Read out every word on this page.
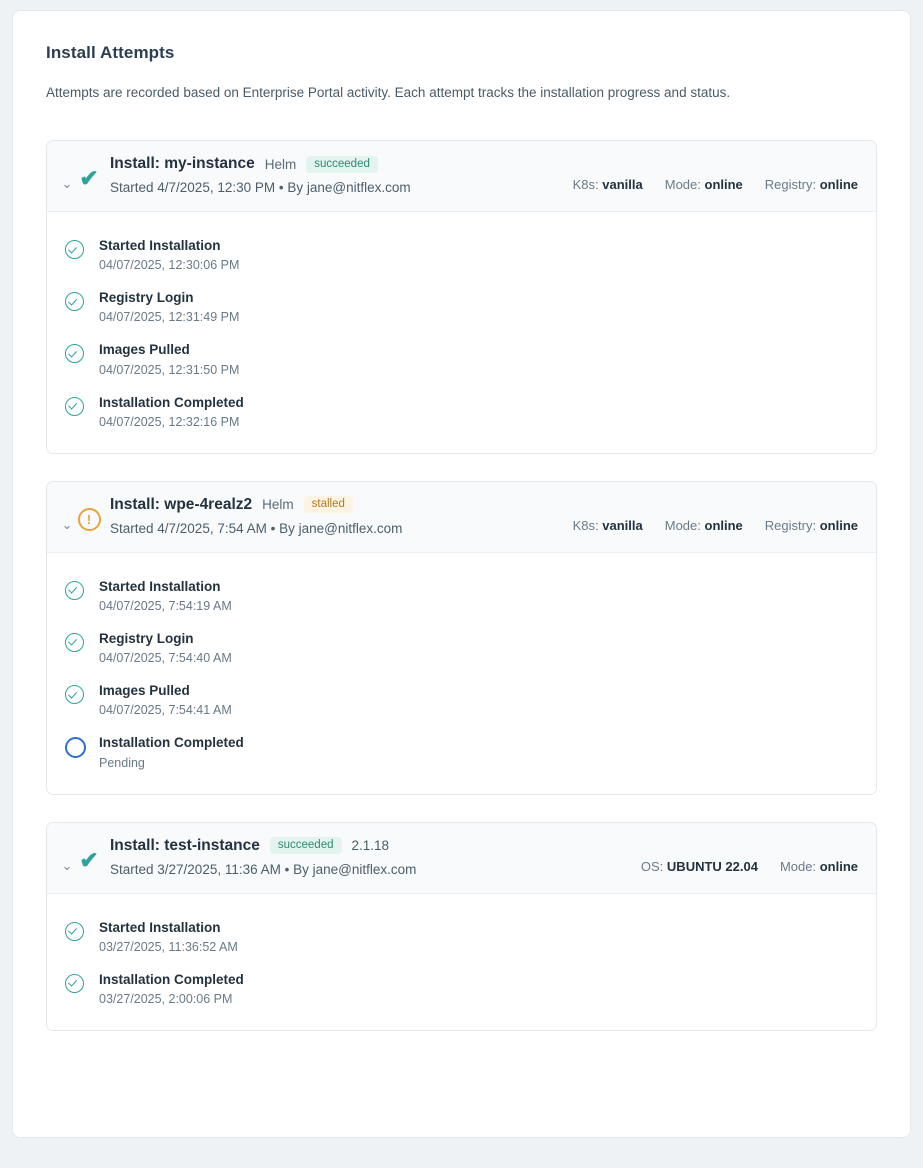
Install Attempts
Attempts are recorded based on Enterprise Portal activity. Each attempt tracks the installation progress and status.
⌄ ✔
Install: my-instance Helm	succeeded
Started 4/7/2025, 12:30 PM • By jane@nitflex.com	K8s: vanilla Mode: online Registry: online
Started Installation
04/07/2025, 12:30:06 PM
Registry Login
04/07/2025, 12:31:49 PM
Images Pulled
04/07/2025, 12:31:50 PM
Installation Completed
04/07/2025, 12:32:16 PM
⌄	!
Install: wpe-4realz2 Helm	stalled
Started 4/7/2025, 7:54 AM • By jane@nitflex.com	K8s: vanilla Mode: online Registry: online
Started Installation
04/07/2025, 7:54:19 AM
Registry Login
04/07/2025, 7:54:40 AM
Images Pulled
04/07/2025, 7:54:41 AM
Installation Completed
Pending
⌄ ✔
Install: test-instance	succeeded	2.1.18
Started 3/27/2025, 11:36 AM • By jane@nitflex.com	OS: UBUNTU 22.04 Mode: online
Started Installation
03/27/2025, 11:36:52 AM
Installation Completed
03/27/2025, 2:00:06 PM
